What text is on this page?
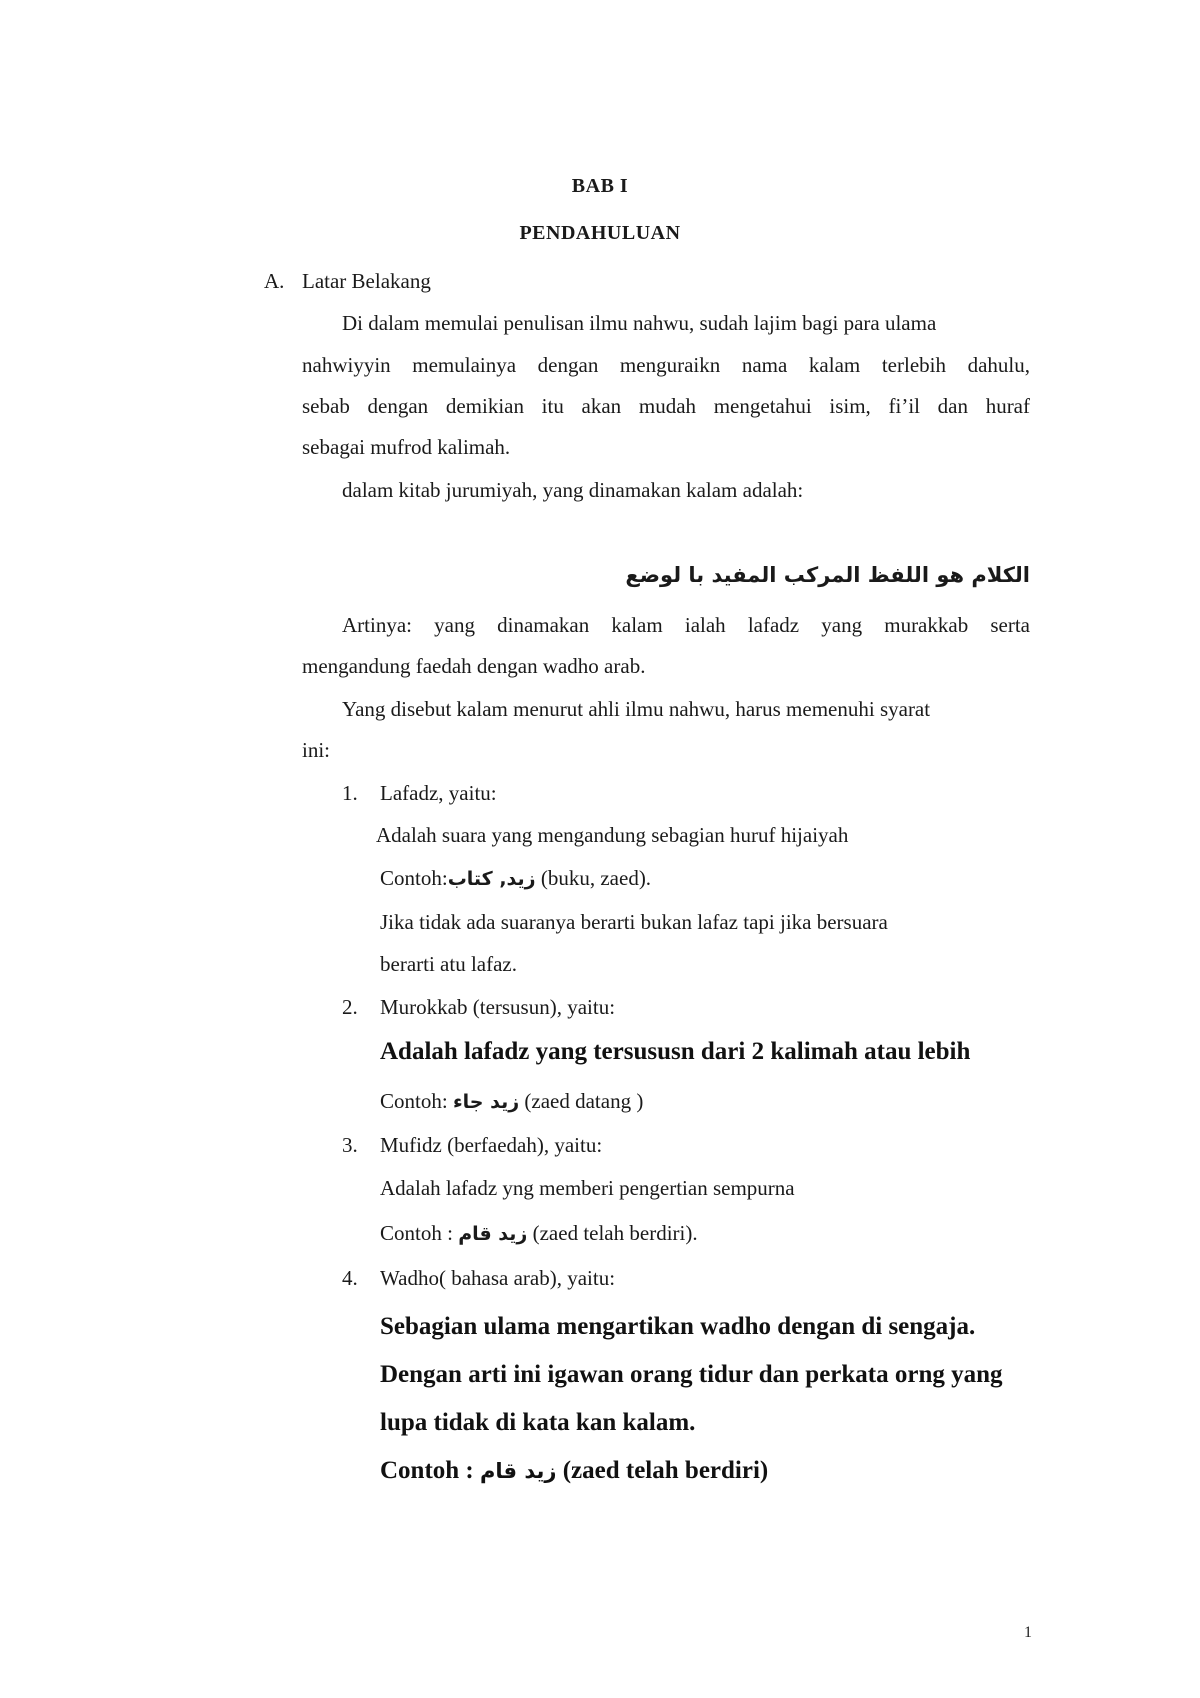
BAB I
PENDAHULUAN
A. Latar Belakang
Di dalam memulai penulisan ilmu nahwu, sudah lajim bagi para ulama
nahwiyyin memulainya dengan menguraikn nama kalam terlebih dahulu,
sebab dengan demikian itu akan mudah mengetahui isim, fi’il dan huraf
sebagai mufrod kalimah.
dalam kitab jurumiyah, yang dinamakan kalam adalah:
الكلام هو اللفظ المركب المفيد با لوضع
Artinya: yang dinamakan kalam ialah lafadz yang murakkab serta
mengandung faedah dengan wadho arab.
Yang disebut kalam menurut ahli ilmu nahwu, harus memenuhi syarat
ini:
1. Lafadz, yaitu:
Adalah suara yang mengandung sebagian huruf hijaiyah
Contoh:زيد, كتاب (buku, zaed).
Jika tidak ada suaranya berarti bukan lafaz tapi jika bersuara
berarti atu lafaz.
2. Murokkab (tersusun), yaitu:
Adalah lafadz yang tersususn dari 2 kalimah atau lebih
Contoh: زيد جاء (zaed datang )
3. Mufidz (berfaedah), yaitu:
Adalah lafadz yng memberi pengertian sempurna
Contoh : زيد قام (zaed telah berdiri).
4. Wadho( bahasa arab), yaitu:
Sebagian ulama mengartikan wadho dengan di sengaja.
Dengan arti ini igawan orang tidur dan perkata orng yang
lupa tidak di kata kan kalam.
Contoh : زيد قام (zaed telah berdiri)
1
